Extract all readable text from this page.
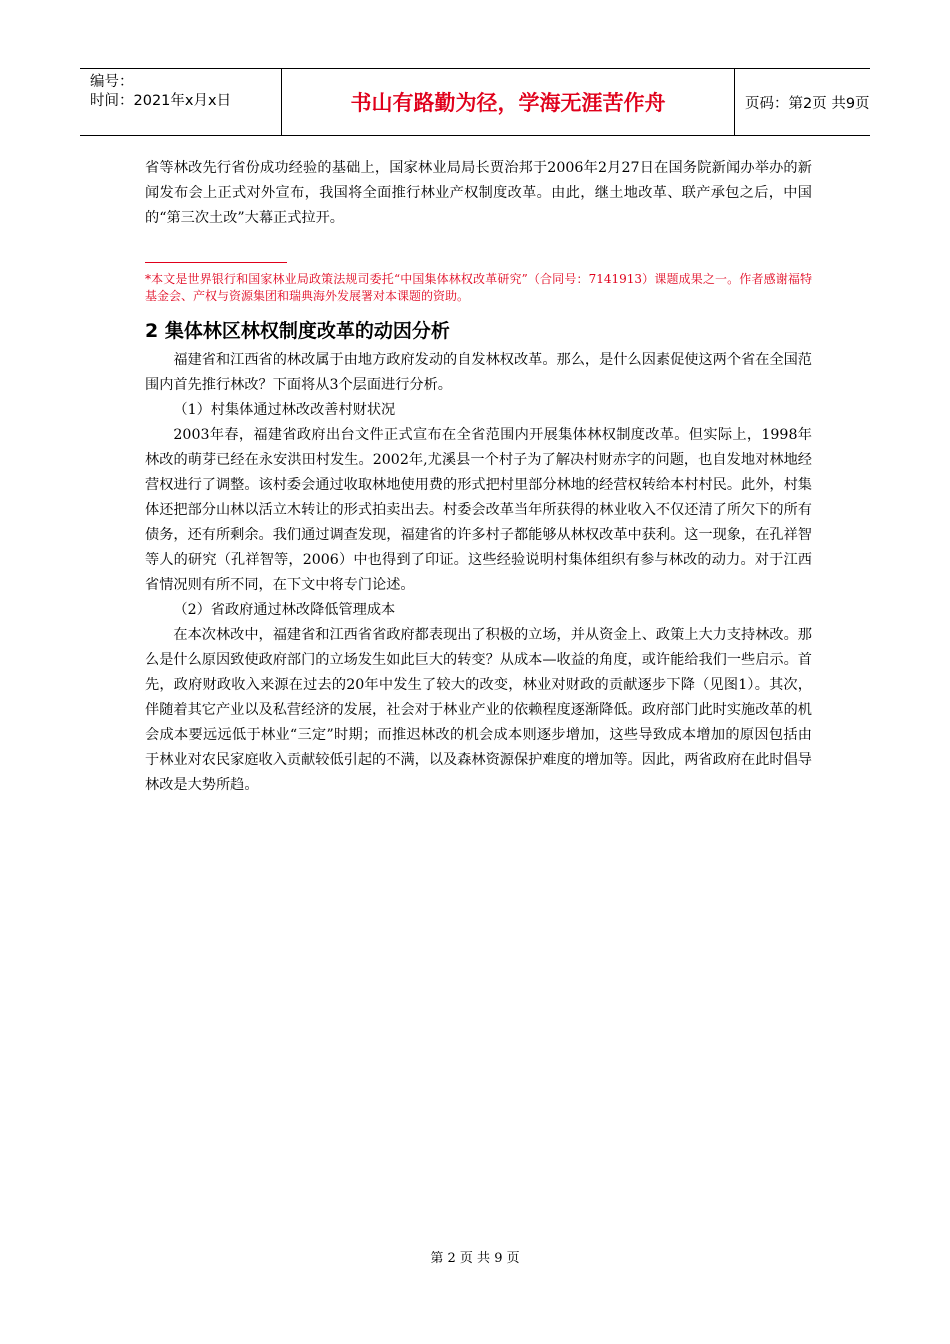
编号：
时间：2021年x月x日	书山有路勤为径，学海无涯苦作舟	页码：第2页 共9页

省等林改先行省份成功经验的基础上，国家林业局局长贾治邦于2006年2月27日在国务院新闻办举办的新闻发布会上正式对外宣布，我国将全面推行林业产权制度改革。由此，继土地改革、联产承包之后，中国的“第三次土改”大幕正式拉开。

*本文是世界银行和国家林业局政策法规司委托“中国集体林权改革研究”（合同号：7141913）课题成果之一。作者感谢福特基金会、产权与资源集团和瑞典海外发展署对本课题的资助。
2 集体林区林权制度改革的动因分析

福建省和江西省的林改属于由地方政府发动的自发林权改革。那么，是什么因素促使这两个省在全国范围内首先推行林改？下面将从3个层面进行分析。

（1）村集体通过林改改善村财状况

2003年春，福建省政府出台文件正式宣布在全省范围内开展集体林权制度改革。但实际上，1998年林改的萌芽已经在永安洪田村发生。2002年,尤溪县一个村子为了解决村财赤字的问题，也自发地对林地经营权进行了调整。该村委会通过收取林地使用费的形式把村里部分林地的经营权转给本村村民。此外，村集体还把部分山林以活立木转让的形式拍卖出去。村委会改革当年所获得的林业收入不仅还清了所欠下的所有债务，还有所剩余。我们通过调查发现，福建省的许多村子都能够从林权改革中获利。这一现象，在孔祥智等人的研究（孔祥智等，2006）中也得到了印证。这些经验说明村集体组织有参与林改的动力。对于江西省情况则有所不同，在下文中将专门论述。

（2）省政府通过林改降低管理成本

在本次林改中，福建省和江西省省政府都表现出了积极的立场，并从资金上、政策上大力支持林改。那么是什么原因致使政府部门的立场发生如此巨大的转变？从成本—收益的角度，或许能给我们一些启示。首先，政府财政收入来源在过去的20年中发生了较大的改变，林业对财政的贡献逐步下降（见图1）。其次，伴随着其它产业以及私营经济的发展，社会对于林业产业的依赖程度逐渐降低。政府部门此时实施改革的机会成本要远远低于林业“三定”时期；而推迟林改的机会成本则逐步增加，这些导致成本增加的原因包括由于林业对农民家庭收入贡献较低引起的不满，以及森林资源保护难度的增加等。因此，两省政府在此时倡导林改是大势所趋。

第 2 页 共 9 页
